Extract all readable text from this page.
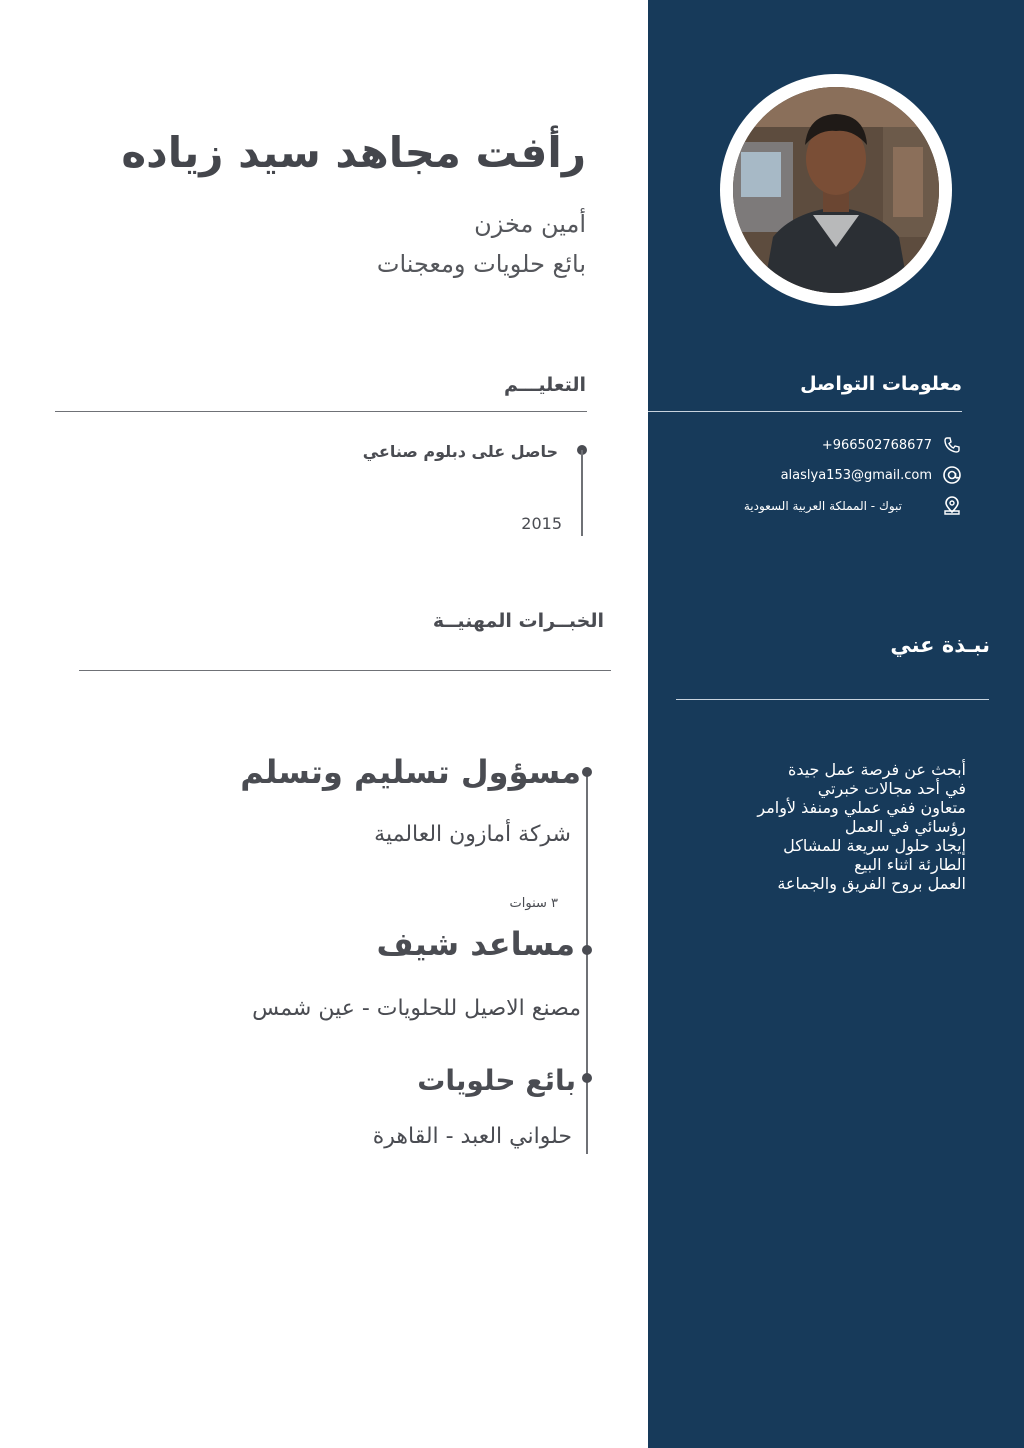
معلومات التواصل
+966502768677
alaslya153@gmail.com
تبوك - المملكة العربية السعودية
نبـذة عني
أبحث عن فرصة عمل جيدة
في أحد مجالات خبرتي
متعاون ففي عملي ومنفذ لأوامر
رؤسائي في العمل
إيجاد حلول سريعة للمشاكل
الطارئة اثناء البيع
العمل بروح الفريق والجماعة
رأفت مجاهد سيد زياده
أمين مخزن
بائع حلويات ومعجنات
التعليـــم
حاصل على دبلوم صناعي
2015
الخبــرات المهنيــة
مسؤول تسليم وتسلم
شركة أمازون العالمية
٣ سنوات
مساعد شيف
مصنع الاصيل للحلويات - عين شمس
بائع حلويات
حلواني العبد - القاهرة
